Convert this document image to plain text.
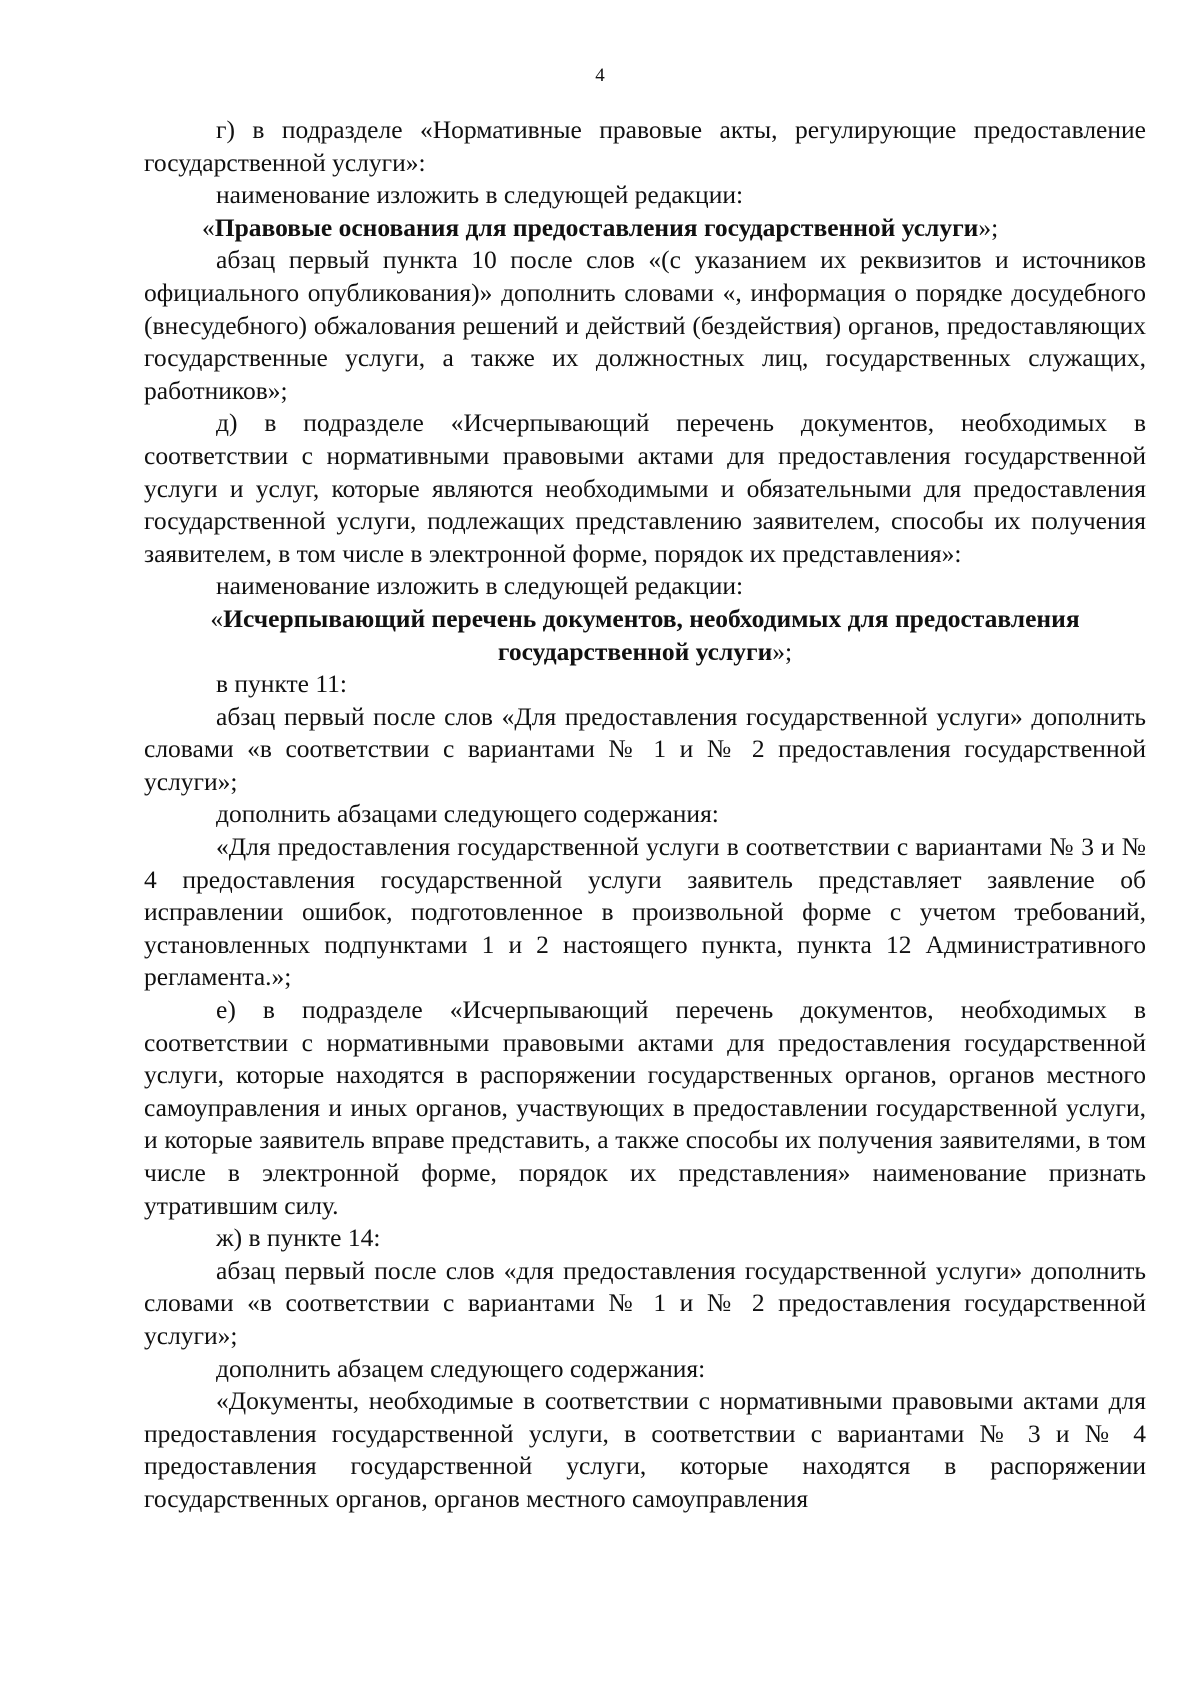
4

г) в подразделе «Нормативные правовые акты, регулирующие предоставление государственной услуги»:

наименование изложить в следующей редакции:

«Правовые основания для предоставления государственной услуги»;

абзац первый пункта 10 после слов «(с указанием их реквизитов и источников официального опубликования)» дополнить словами «, информация о порядке досудебного (внесудебного) обжалования решений и действий (бездействия) органов, предоставляющих государственные услуги, а также их должностных лиц, государственных служащих, работников»;

д) в подразделе «Исчерпывающий перечень документов, необходимых в соответствии с нормативными правовыми актами для предоставления государственной услуги и услуг, которые являются необходимыми и обязательными для предоставления государственной услуги, подлежащих представлению заявителем, способы их получения заявителем, в том числе в электронной форме, порядок их представления»:

наименование изложить в следующей редакции:

«Исчерпывающий перечень документов, необходимых для предоставления государственной услуги»;

в пункте 11:

абзац первый после слов «Для предоставления государственной услуги» дополнить словами «в соответствии с вариантами № 1 и № 2 предоставления государственной услуги»;

дополнить абзацами следующего содержания:

«Для предоставления государственной услуги в соответствии с вариантами № 3 и № 4 предоставления государственной услуги заявитель представляет заявление об исправлении ошибок, подготовленное в произвольной форме с учетом требований, установленных подпунктами 1 и 2 настоящего пункта, пункта 12 Административного регламента.»;

е) в подразделе «Исчерпывающий перечень документов, необходимых в соответствии с нормативными правовыми актами для предоставления государственной услуги, которые находятся в распоряжении государственных органов, органов местного самоуправления и иных органов, участвующих в предоставлении государственной услуги, и которые заявитель вправе представить, а также способы их получения заявителями, в том числе в электронной форме, порядок их представления» наименование признать утратившим силу.

ж) в пункте 14:

абзац первый после слов «для предоставления государственной услуги» дополнить словами «в соответствии с вариантами № 1 и № 2 предоставления государственной услуги»;

дополнить абзацем следующего содержания:

«Документы, необходимые в соответствии с нормативными правовыми актами для предоставления государственной услуги, в соответствии с вариантами № 3 и № 4 предоставления государственной услуги, которые находятся в распоряжении государственных органов, органов местного самоуправления
